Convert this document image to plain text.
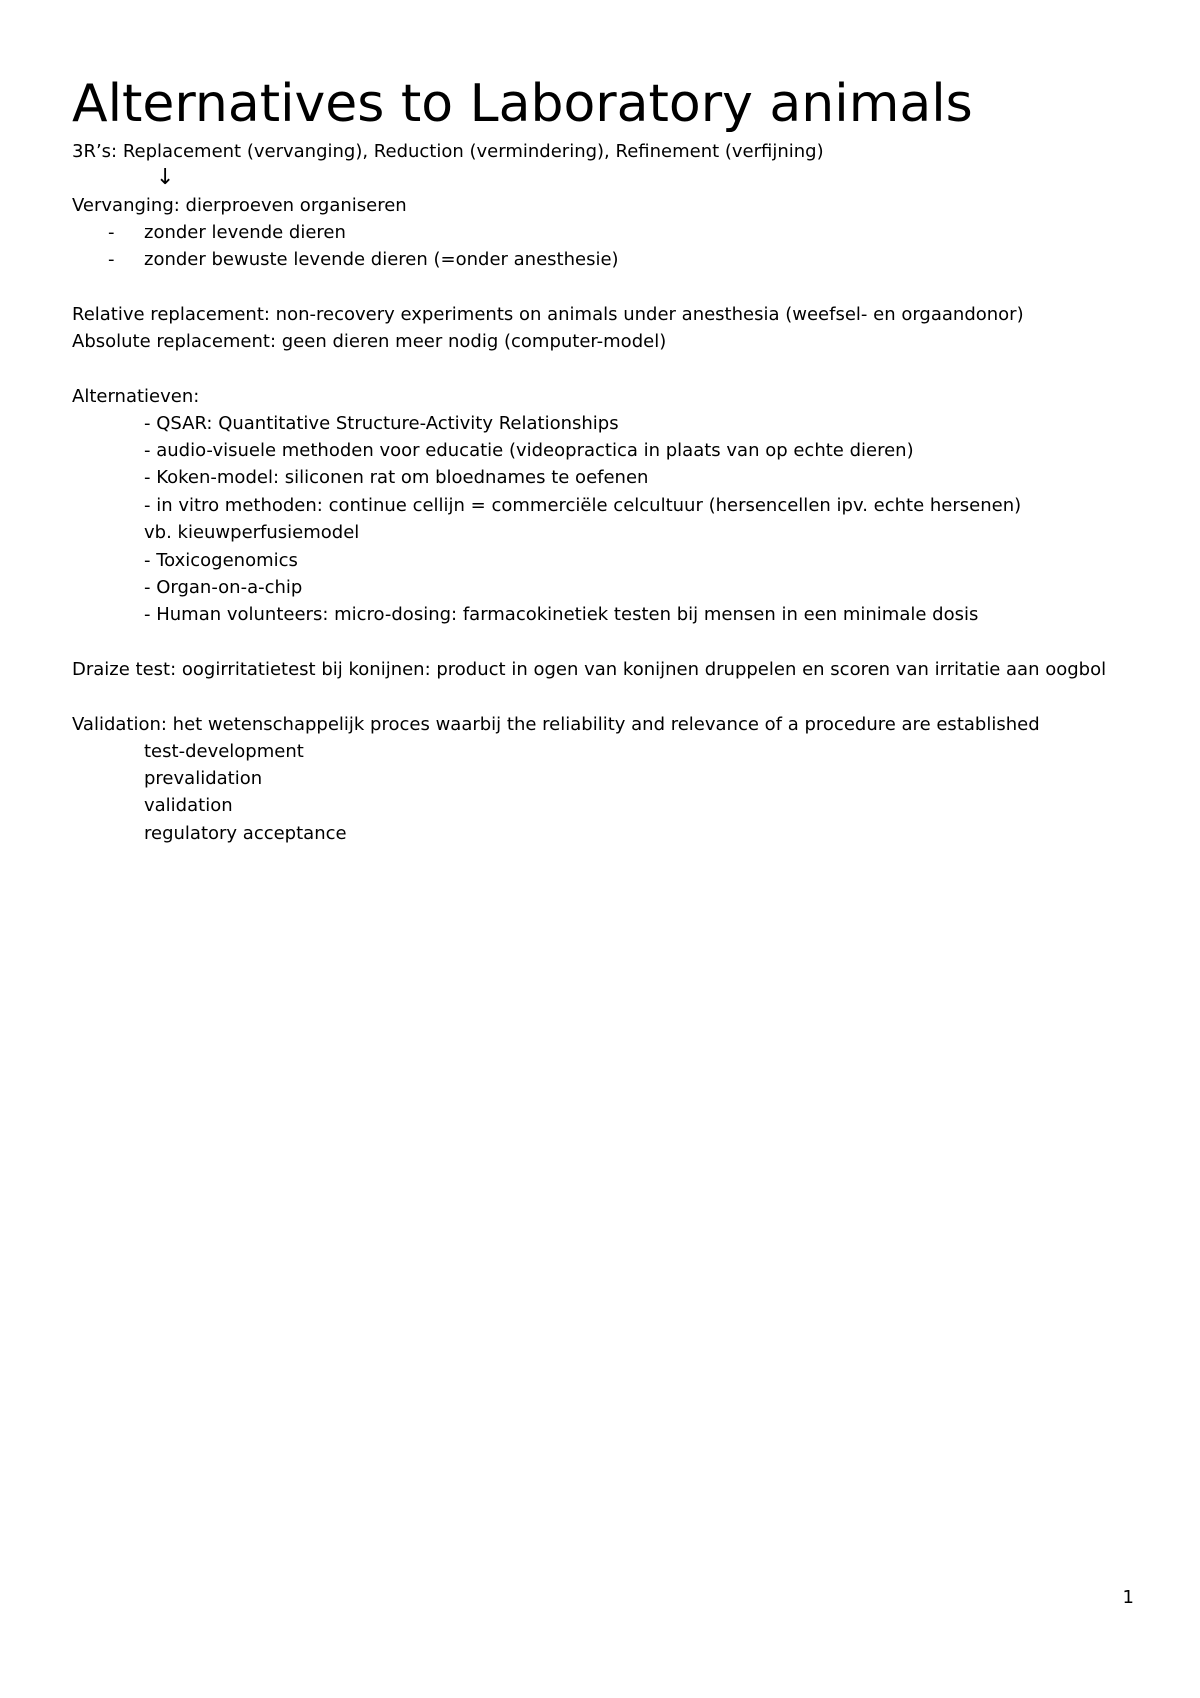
Alternatives to Laboratory animals
3R’s: Replacement (vervanging), Reduction (vermindering), Refinement (verfijning)
↓
Vervanging: dierproeven organiseren
- zonder levende dieren
- zonder bewuste levende dieren (=onder anesthesie)
Relative replacement: non-recovery experiments on animals under anesthesia (weefsel- en orgaandonor)
Absolute replacement: geen dieren meer nodig (computer-model)
Alternatieven:
- QSAR: Quantitative Structure-Activity Relationships
- audio-visuele methoden voor educatie (videopractica in plaats van op echte dieren)
- Koken-model: siliconen rat om bloednames te oefenen
- in vitro methoden: continue cellijn = commerciële celcultuur (hersencellen ipv. echte hersenen)
vb. kieuwperfusiemodel
- Toxicogenomics
- Organ-on-a-chip
- Human volunteers: micro-dosing: farmacokinetiek testen bij mensen in een minimale dosis
Draize test: oogirritatietest bij konijnen: product in ogen van konijnen druppelen en scoren van irritatie aan oogbol
Validation: het wetenschappelijk proces waarbij the reliability and relevance of a procedure are established
test-development
prevalidation
validation
regulatory acceptance
1
